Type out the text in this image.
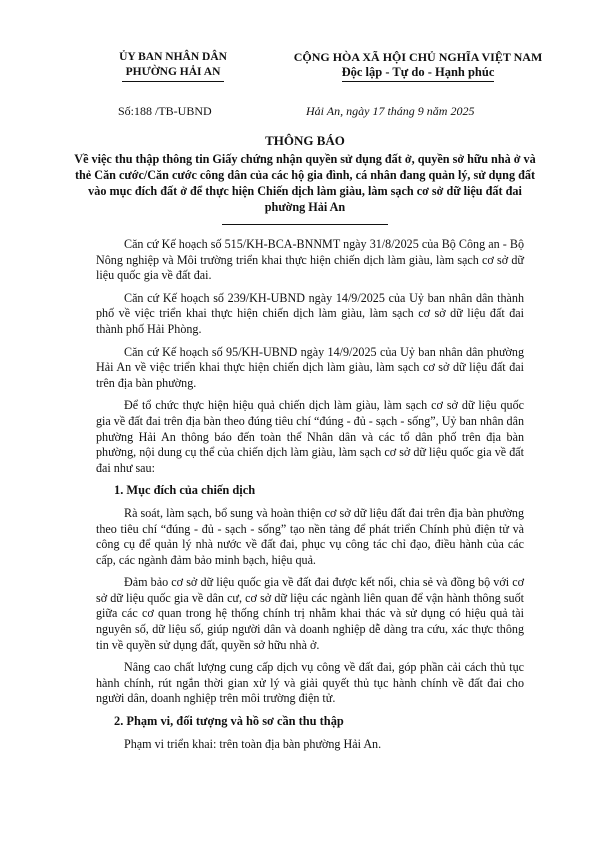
ỦY BAN NHÂN DÂN
PHƯỜNG HẢI AN
CỘNG HÒA XÃ HỘI CHỦ NGHĨA VIỆT NAM
Độc lập - Tự do - Hạnh phúc
Số:188 /TB-UBND	Hải An, ngày 17 tháng 9 năm 2025
THÔNG BÁO
Về việc thu thập thông tin Giấy chứng nhận quyền sử dụng đất ở, quyền sở hữu nhà ở và thẻ Căn cước/Căn cước công dân của các hộ gia đình, cá nhân đang quản lý, sử dụng đất vào mục đích đất ở để thực hiện Chiến dịch làm giàu, làm sạch cơ sở dữ liệu đất đai phường Hải An

Căn cứ Kế hoạch số 515/KH-BCA-BNNMT ngày 31/8/2025 của Bộ Công an - Bộ Nông nghiệp và Môi trường triển khai thực hiện chiến dịch làm giàu, làm sạch cơ sở dữ liệu quốc gia về đất đai.

Căn cứ Kế hoạch số 239/KH-UBND ngày 14/9/2025 của Uỷ ban nhân dân thành phố về việc triển khai thực hiện chiến dịch làm giàu, làm sạch cơ sở dữ liệu đất đai thành phố Hải Phòng.

Căn cứ Kế hoạch số 95/KH-UBND ngày 14/9/2025 của Uỷ ban nhân dân phường Hải An về việc triển khai thực hiện chiến dịch làm giàu, làm sạch cơ sở dữ liệu đất đai trên địa bàn phường.

Để tổ chức thực hiện hiệu quả chiến dịch làm giàu, làm sạch cơ sở dữ liệu quốc gia về đất đai trên địa bàn theo đúng tiêu chí “đúng - đủ - sạch - sống”, Uỷ ban nhân dân phường Hải An thông báo đến toàn thể Nhân dân và các tổ dân phố trên địa bàn phường, nội dung cụ thể của chiến dịch làm giàu, làm sạch cơ sở dữ liệu quốc gia về đất đai như sau:

1. Mục đích của chiến dịch

Rà soát, làm sạch, bổ sung và hoàn thiện cơ sở dữ liệu đất đai trên địa bàn phường theo tiêu chí “đúng - đủ - sạch - sống” tạo nền tảng để phát triển Chính phủ điện tử và công cụ để quản lý nhà nước về đất đai, phục vụ công tác chỉ đạo, điều hành của các cấp, các ngành đảm bảo minh bạch, hiệu quả.

Đảm bảo cơ sở dữ liệu quốc gia về đất đai được kết nối, chia sẻ và đồng bộ với cơ sở dữ liệu quốc gia về dân cư, cơ sở dữ liệu các ngành liên quan để vận hành thông suốt giữa các cơ quan trong hệ thống chính trị nhằm khai thác và sử dụng có hiệu quả tài nguyên số, dữ liệu số, giúp người dân và doanh nghiệp dễ dàng tra cứu, xác thực thông tin về quyền sử dụng đất, quyền sở hữu nhà ở.

Nâng cao chất lượng cung cấp dịch vụ công về đất đai, góp phần cải cách thủ tục hành chính, rút ngắn thời gian xử lý và giải quyết thủ tục hành chính về đất đai cho người dân, doanh nghiệp trên môi trường điện tử.

2. Phạm vi, đối tượng và hồ sơ cần thu thập

Phạm vi triển khai: trên toàn địa bàn phường Hải An.
